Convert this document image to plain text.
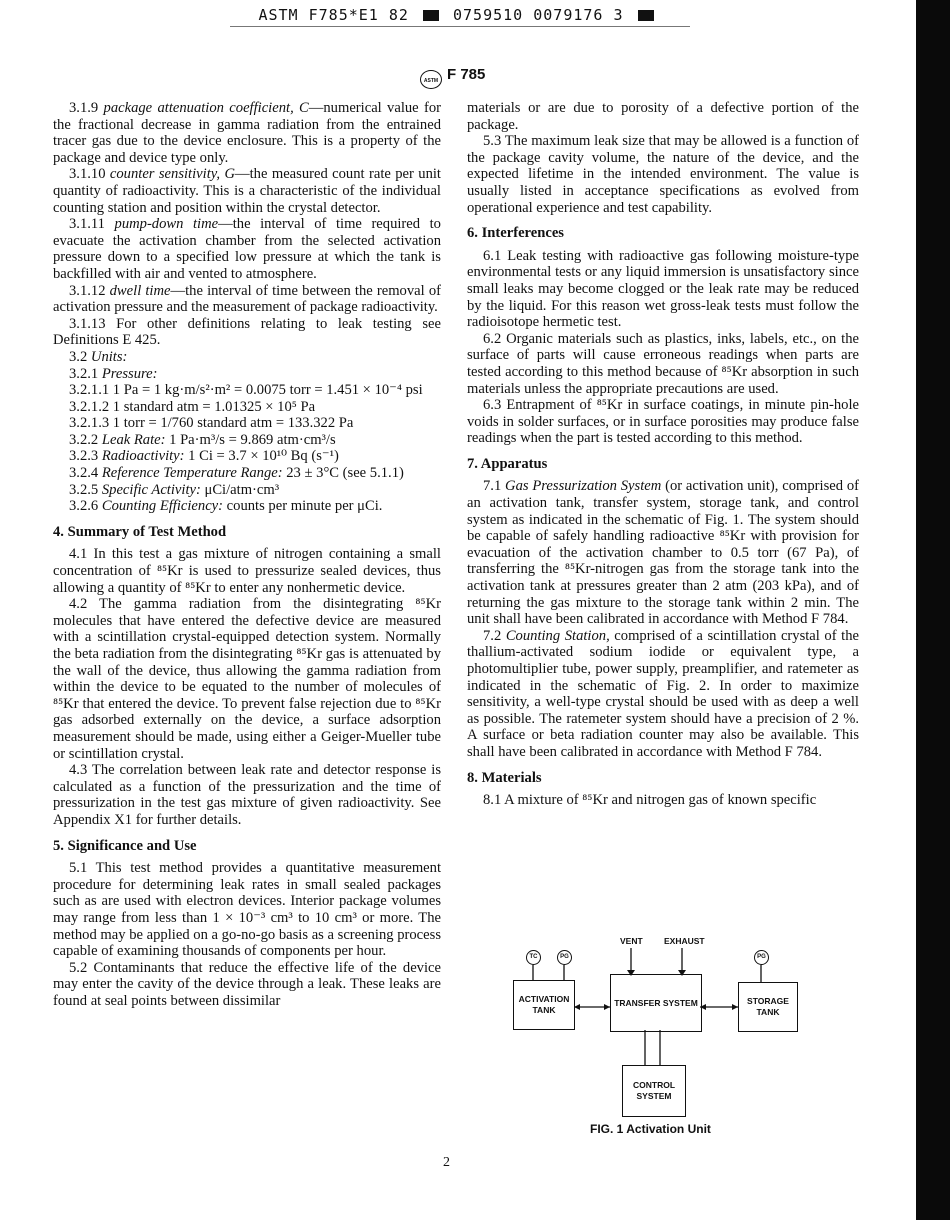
ASTM F785*E1 82	0759510 0079176 3
ASTM F 785

3.1.9 package attenuation coefficient, C—numerical value for the fractional decrease in gamma radiation from the entrained tracer gas due to the device enclosure. This is a property of the package and device type only.

3.1.10 counter sensitivity, G—the measured count rate per unit quantity of radioactivity. This is a characteristic of the individual counting station and position within the crystal detector.

3.1.11 pump-down time—the interval of time required to evacuate the activation chamber from the selected activation pressure down to a specified low pressure at which the tank is backfilled with air and vented to atmosphere.

3.1.12 dwell time—the interval of time between the removal of activation pressure and the measurement of package radioactivity.

3.1.13 For other definitions relating to leak testing see Definitions E 425.

3.2 Units:

3.2.1 Pressure:

3.2.1.1 1 Pa = 1 kg·m/s²·m² = 0.0075 torr = 1.451 × 10⁻⁴ psi

3.2.1.2 1 standard atm = 1.01325 × 10⁵ Pa

3.2.1.3 1 torr = 1/760 standard atm = 133.322 Pa

3.2.2 Leak Rate: 1 Pa·m³/s = 9.869 atm·cm³/s

3.2.3 Radioactivity: 1 Ci = 3.7 × 10¹⁰ Bq (s⁻¹)

3.2.4 Reference Temperature Range: 23 ± 3°C (see 5.1.1)

3.2.5 Specific Activity: μCi/atm·cm³

3.2.6 Counting Efficiency: counts per minute per μCi.

4. Summary of Test Method

4.1 In this test a gas mixture of nitrogen containing a small concentration of ⁸⁵Kr is used to pressurize sealed devices, thus allowing a quantity of ⁸⁵Kr to enter any nonhermetic device.

4.2 The gamma radiation from the disintegrating ⁸⁵Kr molecules that have entered the defective device are measured with a scintillation crystal-equipped detection system. Normally the beta radiation from the disintegrating ⁸⁵Kr gas is attenuated by the wall of the device, thus allowing the gamma radiation from within the device to be equated to the number of molecules of ⁸⁵Kr that entered the device. To prevent false rejection due to ⁸⁵Kr gas adsorbed externally on the device, a surface adsorption measurement should be made, using either a Geiger-Mueller tube or scintillation crystal.

4.3 The correlation between leak rate and detector response is calculated as a function of the pressurization and the time of pressurization in the test gas mixture of given radioactivity. See Appendix X1 for further details.

5. Significance and Use

5.1 This test method provides a quantitative measurement procedure for determining leak rates in small sealed packages such as are used with electron devices. Interior package volumes may range from less than 1 × 10⁻³ cm³ to 10 cm³ or more. The method may be applied on a go-no-go basis as a screening process capable of examining thousands of components per hour.

5.2 Contaminants that reduce the effective life of the device may enter the cavity of the device through a leak. These leaks are found at seal points between dissimilar

materials or are due to porosity of a defective portion of the package.

5.3 The maximum leak size that may be allowed is a function of the package cavity volume, the nature of the device, and the expected lifetime in the intended environment. The value is usually listed in acceptance specifications as evolved from operational experience and test capability.

6. Interferences

6.1 Leak testing with radioactive gas following moisture-type environmental tests or any liquid immersion is unsatisfactory since small leaks may become clogged or the leak rate may be reduced by the liquid. For this reason wet gross-leak tests must follow the radioisotope hermetic test.

6.2 Organic materials such as plastics, inks, labels, etc., on the surface of parts will cause erroneous readings when parts are tested according to this method because of ⁸⁵Kr absorption in such materials unless the appropriate precautions are used.

6.3 Entrapment of ⁸⁵Kr in surface coatings, in minute pin-hole voids in solder surfaces, or in surface porosities may produce false readings when the part is tested according to this method.

7. Apparatus

7.1 Gas Pressurization System (or activation unit), comprised of an activation tank, transfer system, storage tank, and control system as indicated in the schematic of Fig. 1. The system should be capable of safely handling radioactive ⁸⁵Kr with provision for evacuation of the activation chamber to 0.5 torr (67 Pa), of transferring the ⁸⁵Kr-nitrogen gas from the storage tank into the activation tank at pressures greater than 2 atm (203 kPa), and of returning the gas mixture to the storage tank within 2 min. The unit shall have been calibrated in accordance with Method F 784.

7.2 Counting Station, comprised of a scintillation crystal of the thallium-activated sodium iodide or equivalent type, a photomultiplier tube, power supply, preamplifier, and ratemeter as indicated in the schematic of Fig. 2. In order to maximize sensitivity, a well-type crystal should be used with as deep a well as possible. The ratemeter system should have a precision of 2 %. A surface or beta radiation counter may also be available. This shall have been calibrated in accordance with Method F 784.

8. Materials

8.1 A mixture of ⁸⁵Kr and nitrogen gas of known specific

VENT	EXHAUST
TC	PG	PG
ACTIVATION
TANK
TRANSFER SYSTEM	STORAGE
TANK
CONTROL
SYSTEM
FIG. 1 Activation Unit
2
